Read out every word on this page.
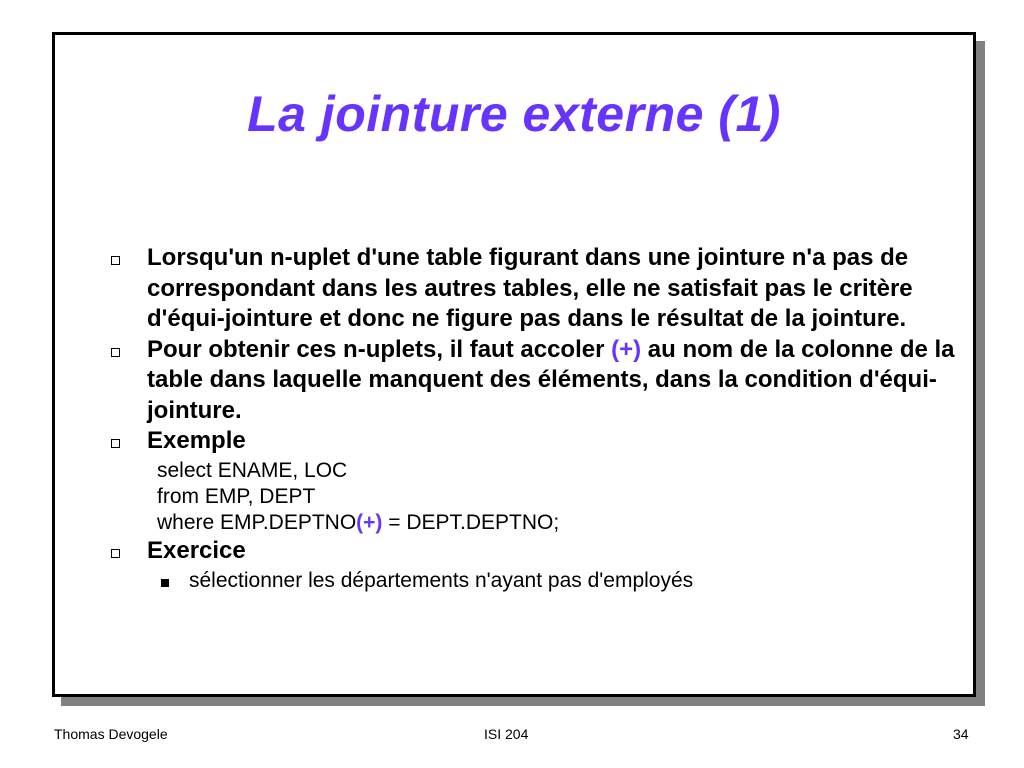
La jointure externe (1)
Lorsqu'un n-uplet d'une table figurant dans une jointure n'a pas de correspondant dans les autres tables, elle ne satisfait pas le critère d'équi-jointure et donc ne figure pas dans le résultat de la jointure.
Pour obtenir ces n-uplets, il faut accoler (+) au nom de la colonne de la table dans laquelle manquent des éléments, dans la condition d'équi-jointure.
Exemple
select ENAME, LOC
from EMP, DEPT
where EMP.DEPTNO(+) = DEPT.DEPTNO;
Exercice
sélectionner les départements n'ayant pas d'employés
Thomas Devogele	ISI 204	34
